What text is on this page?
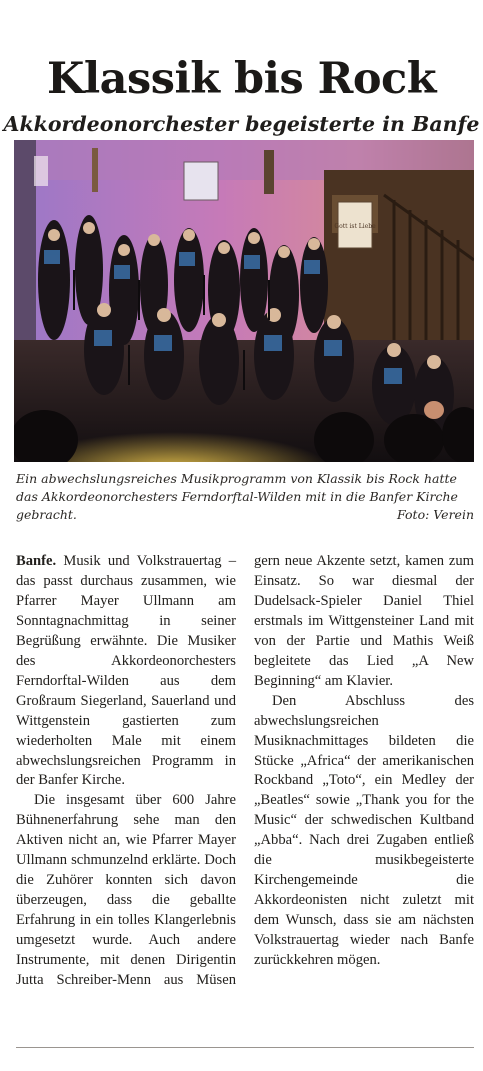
Klassik bis Rock
Akkordeonorchester begeisterte in Banfe
Gott ist Liebe
Ein abwechslungsreiches Musikprogramm von Klassik bis Rock hatte das Akkordeonorchesters Ferndorftal-Wilden mit in die Banfer Kirche gebracht.	Foto: Verein

Banfe. Musik und Volkstrauertag – das passt durchaus zusammen, wie Pfarrer Mayer Ullmann am Sonntagnachmittag in seiner Begrüßung erwähnte. Die Musiker des Akkordeonorchesters Ferndorftal-Wilden aus dem Großraum Siegerland, Sauerland und Wittgenstein gastierten zum wiederholten Male mit einem abwechslungsreichen Programm in der Banfer Kirche.

Die insgesamt über 600 Jahre Bühnenerfahrung sehe man den Aktiven nicht an, wie Pfarrer Mayer Ullmann schmunzelnd erklärte. Doch die Zuhörer konnten sich davon überzeugen, dass die geballte Erfahrung in ein tolles Klangerlebnis umgesetzt wurde. Auch andere Instrumente, mit denen Dirigentin Jutta Schreiber-Menn aus Müsen gern neue Akzente setzt, kamen zum Einsatz. So war diesmal der Dudelsack-Spieler Daniel Thiel erstmals im Wittgensteiner Land mit von der Partie und Mathis Weiß begleitete das Lied „A New Beginning“ am Klavier.

Den Abschluss des abwechslungsreichen Musiknachmittages bildeten die Stücke „Africa“ der amerikanischen Rockband „Toto“, ein Medley der „Beatles“ sowie „Thank you for the Music“ der schwedischen Kultband „Abba“. Nach drei Zugaben entließ die musikbegeisterte Kirchengemeinde die Akkordeonisten nicht zuletzt mit dem Wunsch, dass sie am nächsten Volkstrauertag wieder nach Banfe zurückkehren mögen.
